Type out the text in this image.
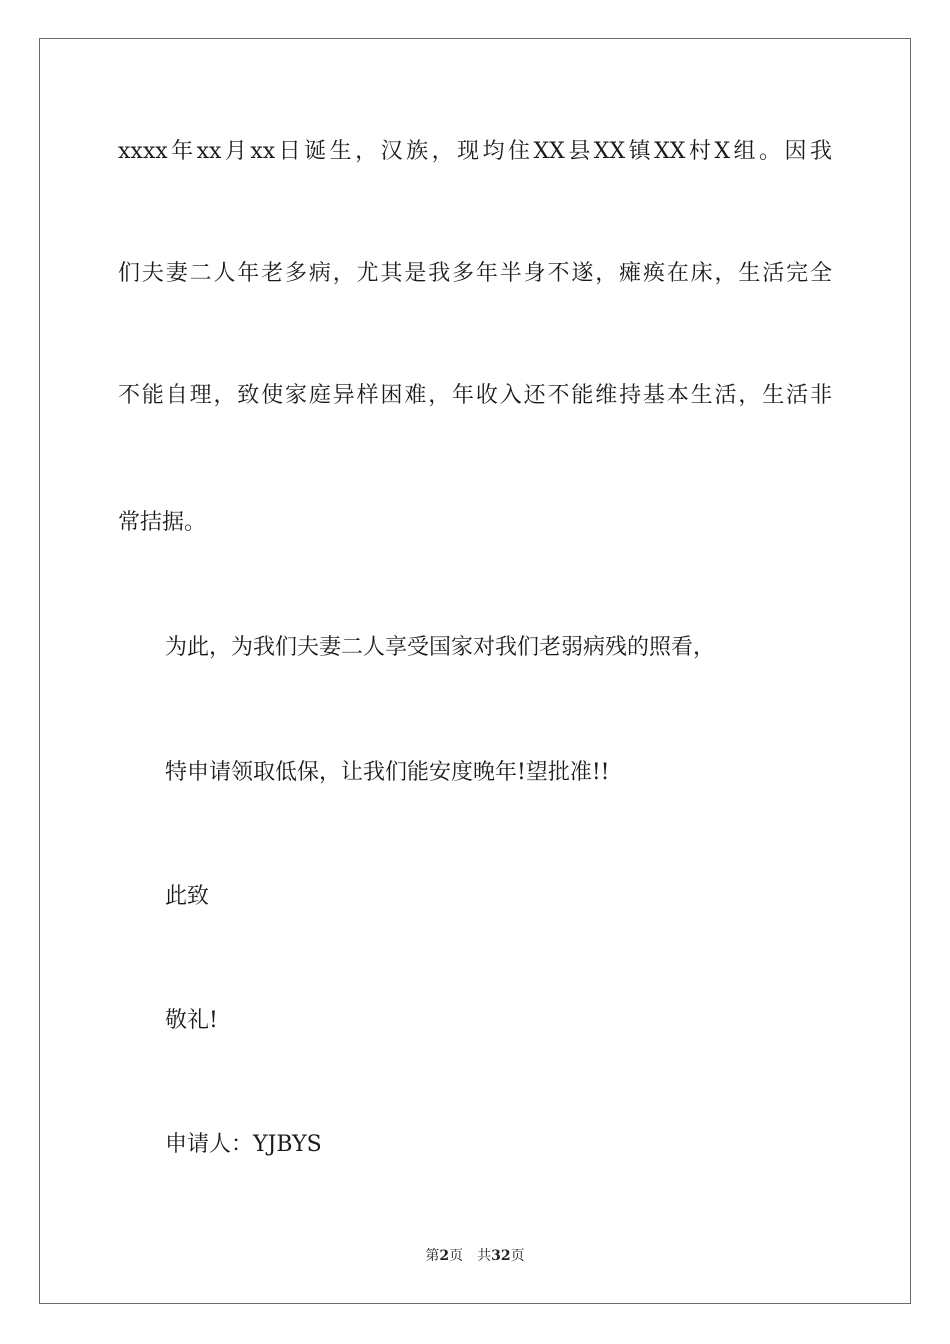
xxxx年xx月xx日诞生，汉族，现均住XX县XX镇XX村X组。因我
们夫妻二人年老多病，尤其是我多年半身不遂，瘫痪在床，生活完全
不能自理，致使家庭异样困难，年收入还不能维持基本生活，生活非
常拮据。
为此，为我们夫妻二人享受国家对我们老弱病残的照看，
特申请领取低保，让我们能安度晚年!望批准!!
此致
敬礼!
申请人：YJBYS
第2页 共32页
